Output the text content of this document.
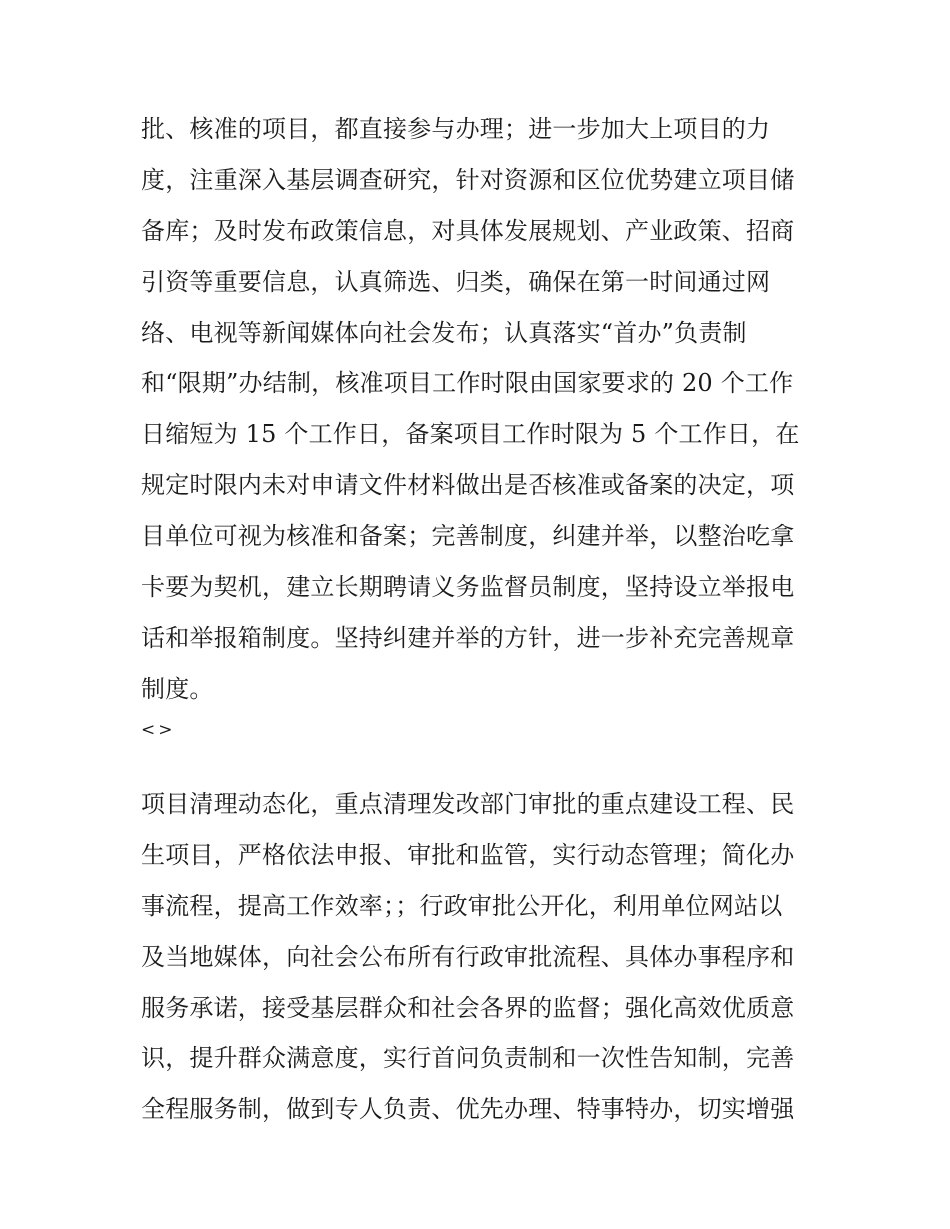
批、核准的项目，都直接参与办理；进一步加大上项目的力
度，注重深入基层调查研究，针对资源和区位优势建立项目储
备库；及时发布政策信息，对具体发展规划、产业政策、招商
引资等重要信息，认真筛选、归类，确保在第一时间通过网
络、电视等新闻媒体向社会发布；认真落实“首办”负责制
和“限期”办结制，核准项目工作时限由国家要求的 20 个工作
日缩短为 15 个工作日，备案项目工作时限为 5 个工作日，在
规定时限内未对申请文件材料做出是否核准或备案的决定，项
目单位可视为核准和备案；完善制度，纠建并举，以整治吃拿
卡要为契机，建立长期聘请义务监督员制度，坚持设立举报电
话和举报箱制度。坚持纠建并举的方针，进一步补充完善规章
制度。
<>
项目清理动态化，重点清理发改部门审批的重点建设工程、民
生项目，严格依法申报、审批和监管，实行动态管理；简化办
事流程，提高工作效率；；行政审批公开化，利用单位网站以
及当地媒体，向社会公布所有行政审批流程、具体办事程序和
服务承诺，接受基层群众和社会各界的监督；强化高效优质意
识，提升群众满意度，实行首问负责制和一次性告知制，完善
全程服务制，做到专人负责、优先办理、特事特办，切实增强
